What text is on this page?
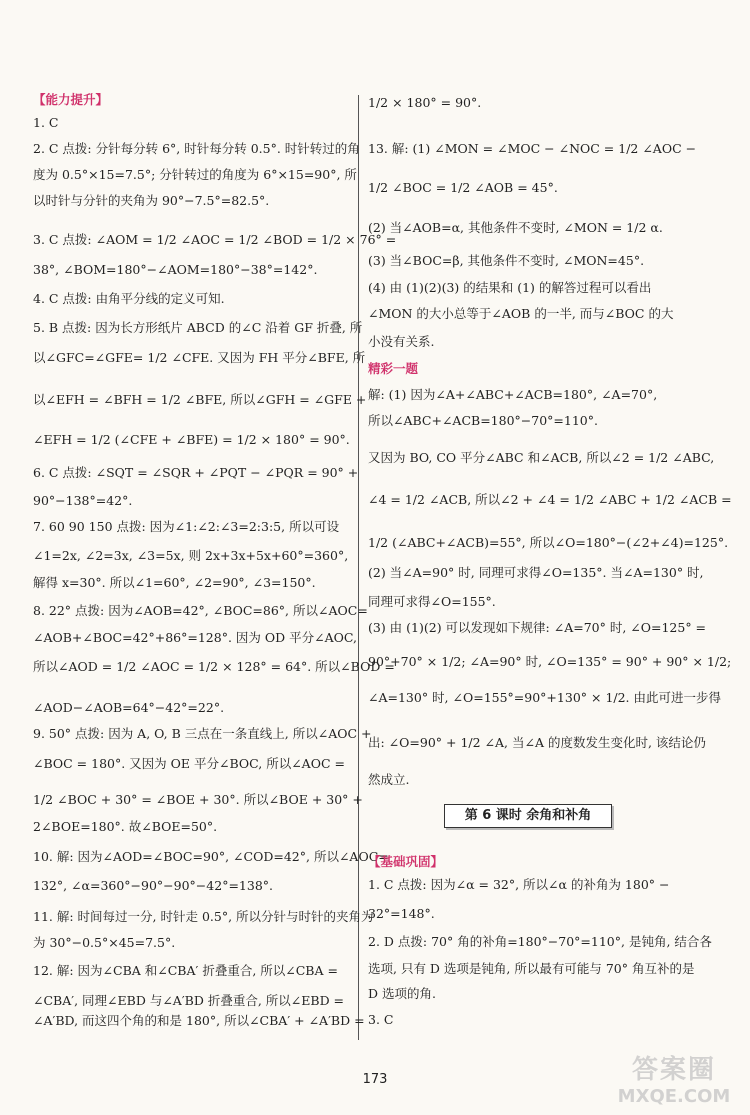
【能力提升】
1. C
2. C 点拨: 分针每分转 6°, 时针每分转 0.5°. 时针转过的角
度为 0.5°×15=7.5°; 分针转过的角度为 6°×15=90°, 所
以时针与分针的夹角为 90°−7.5°=82.5°.
3. C 点拨: ∠AOM = 1/2 ∠AOC = 1/2 ∠BOD = 1/2 × 76° =
38°, ∠BOM=180°−∠AOM=180°−38°=142°.
4. C 点拨: 由角平分线的定义可知.
5. B 点拨: 因为长方形纸片 ABCD 的∠C 沿着 GF 折叠, 所
以∠GFC=∠GFE= 1/2 ∠CFE. 又因为 FH 平分∠BFE, 所
以∠EFH = ∠BFH = 1/2 ∠BFE, 所以∠GFH = ∠GFE +
∠EFH = 1/2 (∠CFE + ∠BFE) = 1/2 × 180° = 90°.
6. C 点拨: ∠SQT = ∠SQR + ∠PQT − ∠PQR = 90° +
90°−138°=42°.
7. 60 90 150 点拨: 因为∠1:∠2:∠3=2:3:5, 所以可设
∠1=2x, ∠2=3x, ∠3=5x, 则 2x+3x+5x+60°=360°,
解得 x=30°. 所以∠1=60°, ∠2=90°, ∠3=150°.
8. 22° 点拨: 因为∠AOB=42°, ∠BOC=86°, 所以∠AOC=
∠AOB+∠BOC=42°+86°=128°. 因为 OD 平分∠AOC,
所以∠AOD = 1/2 ∠AOC = 1/2 × 128° = 64°. 所以∠BOD =
∠AOD−∠AOB=64°−42°=22°.
9. 50° 点拨: 因为 A, O, B 三点在一条直线上, 所以∠AOC +
∠BOC = 180°. 又因为 OE 平分∠BOC, 所以∠AOC =
1/2 ∠BOC + 30° = ∠BOE + 30°. 所以∠BOE + 30° +
2∠BOE=180°. 故∠BOE=50°.
10. 解: 因为∠AOD=∠BOC=90°, ∠COD=42°, 所以∠AOC=
132°, ∠α=360°−90°−90°−42°=138°.
11. 解: 时间每过一分, 时针走 0.5°, 所以分针与时针的夹角为
为 30°−0.5°×45=7.5°.
12. 解: 因为∠CBA 和∠CBA′ 折叠重合, 所以∠CBA =
∠CBA′, 同理∠EBD 与∠A′BD 折叠重合, 所以∠EBD =
∠A′BD, 而这四个角的和是 180°, 所以∠CBA′ + ∠A′BD =
精彩一题
【基础巩固】
1/2 × 180° = 90°.
13. 解: (1) ∠MON = ∠MOC − ∠NOC = 1/2 ∠AOC −
1/2 ∠BOC = 1/2 ∠AOB = 45°.
(2) 当∠AOB=α, 其他条件不变时, ∠MON = 1/2 α.
(3) 当∠BOC=β, 其他条件不变时, ∠MON=45°.
(4) 由 (1)(2)(3) 的结果和 (1) 的解答过程可以看出
∠MON 的大小总等于∠AOB 的一半, 而与∠BOC 的大
小没有关系.
解: (1) 因为∠A+∠ABC+∠ACB=180°, ∠A=70°,
所以∠ABC+∠ACB=180°−70°=110°.
又因为 BO, CO 平分∠ABC 和∠ACB, 所以∠2 = 1/2 ∠ABC,
∠4 = 1/2 ∠ACB, 所以∠2 + ∠4 = 1/2 ∠ABC + 1/2 ∠ACB =
1/2 (∠ABC+∠ACB)=55°, 所以∠O=180°−(∠2+∠4)=125°.
(2) 当∠A=90° 时, 同理可求得∠O=135°. 当∠A=130° 时,
同理可求得∠O=155°.
(3) 由 (1)(2) 可以发现如下规律: ∠A=70° 时, ∠O=125° =
90°+70° × 1/2; ∠A=90° 时, ∠O=135° = 90° + 90° × 1/2;
∠A=130° 时, ∠O=155°=90°+130° × 1/2. 由此可进一步得
出: ∠O=90° + 1/2 ∠A, 当∠A 的度数发生变化时, 该结论仍
然成立.
1. C 点拨: 因为∠α = 32°, 所以∠α 的补角为 180° −
32°=148°.
2. D 点拨: 70° 角的补角=180°−70°=110°, 是钝角, 结合各
选项, 只有 D 选项是钝角, 所以最有可能与 70° 角互补的是
D 选项的角.
3. C
第 6 课时 余角和补角
173	答案圈
MXQE.COM
